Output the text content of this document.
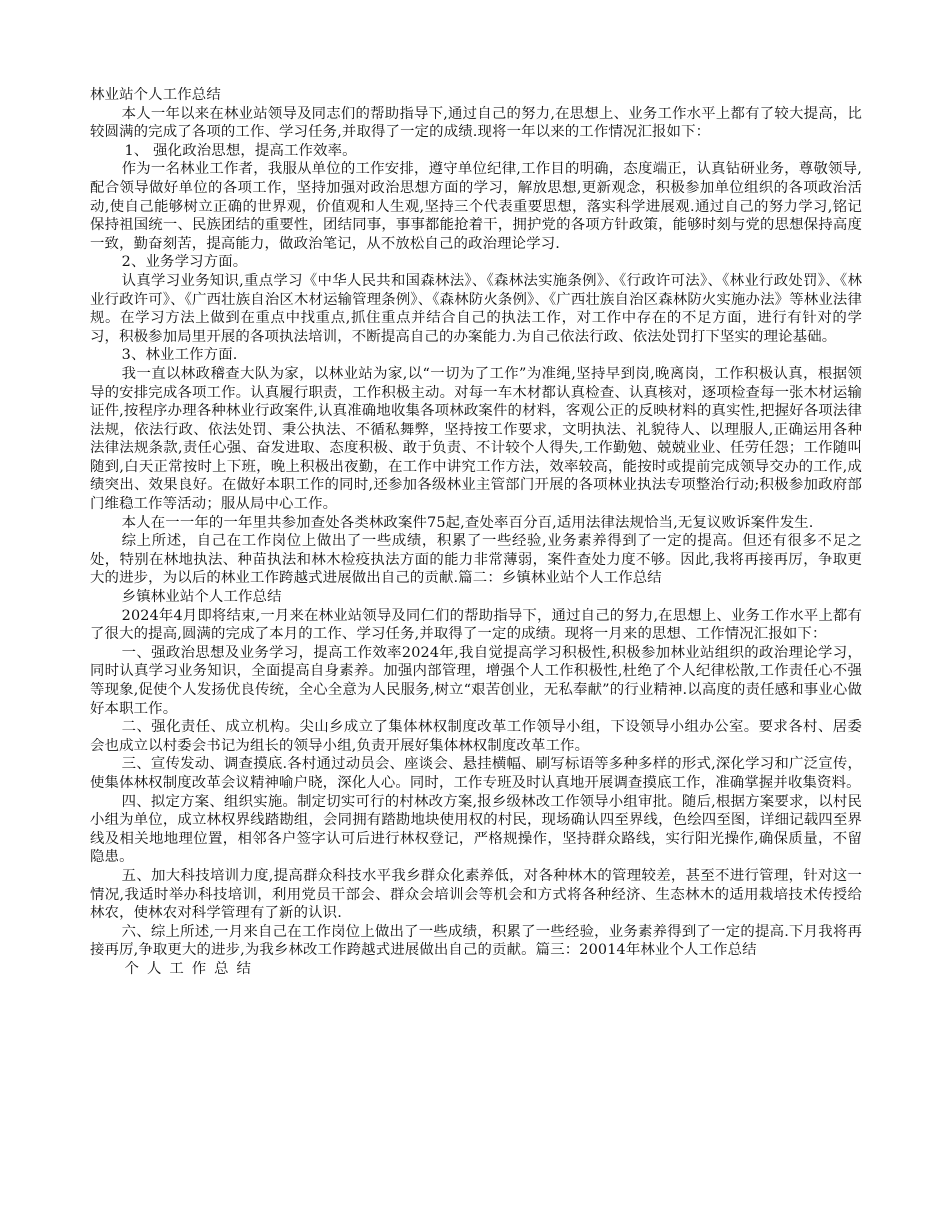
林业站个人工作总结

本人一年以来在林业站领导及同志们的帮助指导下,通过自己的努力,在思想上、业务工作水平上都有了较大提高，比较圆满的完成了各项的工作、学习任务,并取得了一定的成绩.现将一年以来的工作情况汇报如下：

1、 强化政治思想，提高工作效率。

作为一名林业工作者，我服从单位的工作安排，遵守单位纪律,工作目的明确，态度端正，认真钻研业务，尊敬领导,配合领导做好单位的各项工作，坚持加强对政治思想方面的学习，解放思想,更新观念，积极参加单位组织的各项政治活动,使自己能够树立正确的世界观，价值观和人生观,坚持三个代表重要思想，落实科学进展观.通过自己的努力学习,铭记保持祖国统一、民族团结的重要性，团结同事，事事都能抢着干，拥护党的各项方针政策，能够时刻与党的思想保持高度一致，勤奋刻苦，提高能力，做政治笔记，从不放松自己的政治理论学习.

2、业务学习方面。

认真学习业务知识,重点学习《中华人民共和国森林法》、《森林法实施条例》、《行政许可法》、《林业行政处罚》、《林业行政许可》、《广西壮族自治区木材运输管理条例》、《森林防火条例》、《广西壮族自治区森林防火实施办法》等林业法律规。在学习方法上做到在重点中找重点,抓住重点并结合自己的执法工作，对工作中存在的不足方面，进行有针对的学习，积极参加局里开展的各项执法培训，不断提高自己的办案能力.为自己依法行政、依法处罚打下坚实的理论基础。

3、林业工作方面.

我一直以林政稽查大队为家，以林业站为家,以“一切为了工作”为准绳,坚持早到岗,晚离岗，工作积极认真，根据领导的安排完成各项工作。认真履行职责，工作积极主动。对每一车木材都认真检查、认真核对，逐项检查每一张木材运输证件,按程序办理各种林业行政案件,认真准确地收集各项林政案件的材料，客观公正的反映材料的真实性,把握好各项法律法规，依法行政、依法处罚、秉公执法、不循私舞弊，坚持按工作要求，文明执法、礼貌待人、以理服人,正确运用各种法律法规条款,责任心强、奋发进取、态度积极、敢于负责、不计较个人得失,工作勤勉、兢兢业业、任劳任怨；工作随叫随到,白天正常按时上下班，晚上积极出夜勤，在工作中讲究工作方法，效率较高，能按时或提前完成领导交办的工作,成绩突出、效果良好。在做好本职工作的同时,还参加各级林业主管部门开展的各项林业执法专项整治行动;积极参加政府部门维稳工作等活动；服从局中心工作。

本人在一一年的一年里共参加查处各类林政案件75起,查处率百分百,适用法律法规恰当,无复议败诉案件发生.

综上所述，自己在工作岗位上做出了一些成绩，积累了一些经验,业务素养得到了一定的提高。但还有很多不足之处，特别在林地执法、种苗执法和林木检疫执法方面的能力非常薄弱，案件查处力度不够。因此,我将再接再厉，争取更大的进步，为以后的林业工作跨越式进展做出自己的贡献.篇二：乡镇林业站个人工作总结

乡镇林业站个人工作总结

2024年4月即将结束,一月来在林业站领导及同仁们的帮助指导下，通过自己的努力,在思想上、业务工作水平上都有了很大的提高,圆满的完成了本月的工作、学习任务,并取得了一定的成绩。现将一月来的思想、工作情况汇报如下：

一、强政治思想及业务学习，提高工作效率2024年,我自觉提高学习积极性,积极参加林业站组织的政治理论学习，同时认真学习业务知识，全面提高自身素养。加强内部管理，增强个人工作积极性,杜绝了个人纪律松散,工作责任心不强等现象,促使个人发扬优良传统，全心全意为人民服务,树立“艰苦创业，无私奉献”的行业精神.以高度的责任感和事业心做好本职工作。

二、强化责任、成立机构。尖山乡成立了集体林权制度改革工作领导小组，下设领导小组办公室。要求各村、居委会也成立以村委会书记为组长的领导小组,负责开展好集体林权制度改革工作。

三、宣传发动、调查摸底.各村通过动员会、座谈会、悬挂横幅、刷写标语等多种多样的形式,深化学习和广泛宣传，使集体林权制度改革会议精神喻户晓，深化人心。同时，工作专班及时认真地开展调查摸底工作，准确掌握并收集资料。

四、拟定方案、组织实施。制定切实可行的村林改方案,报乡级林改工作领导小组审批。随后,根据方案要求，以村民小组为单位，成立林权界线踏勘组，会同拥有踏勘地块使用权的村民，现场确认四至界线，色绘四至图，详细记载四至界线及相关地地理位置，相邻各户签字认可后进行林权登记，严格规操作，坚持群众路线，实行阳光操作,确保质量，不留隐患。

五、加大科技培训力度,提高群众科技水平我乡群众化素养低，对各种林木的管理较差，甚至不进行管理，针对这一情况,我适时举办科技培训，利用党员干部会、群众会培训会等机会和方式将各种经济、生态林木的适用栽培技术传授给林农，使林农对科学管理有了新的认识.

六、综上所述,一月来自己在工作岗位上做出了一些成绩，积累了一些经验，业务素养得到了一定的提高.下月我将再接再厉,争取更大的进步,为我乡林改工作跨越式进展做出自己的贡献。篇三：20014年林业个人工作总结

个人工作总结
